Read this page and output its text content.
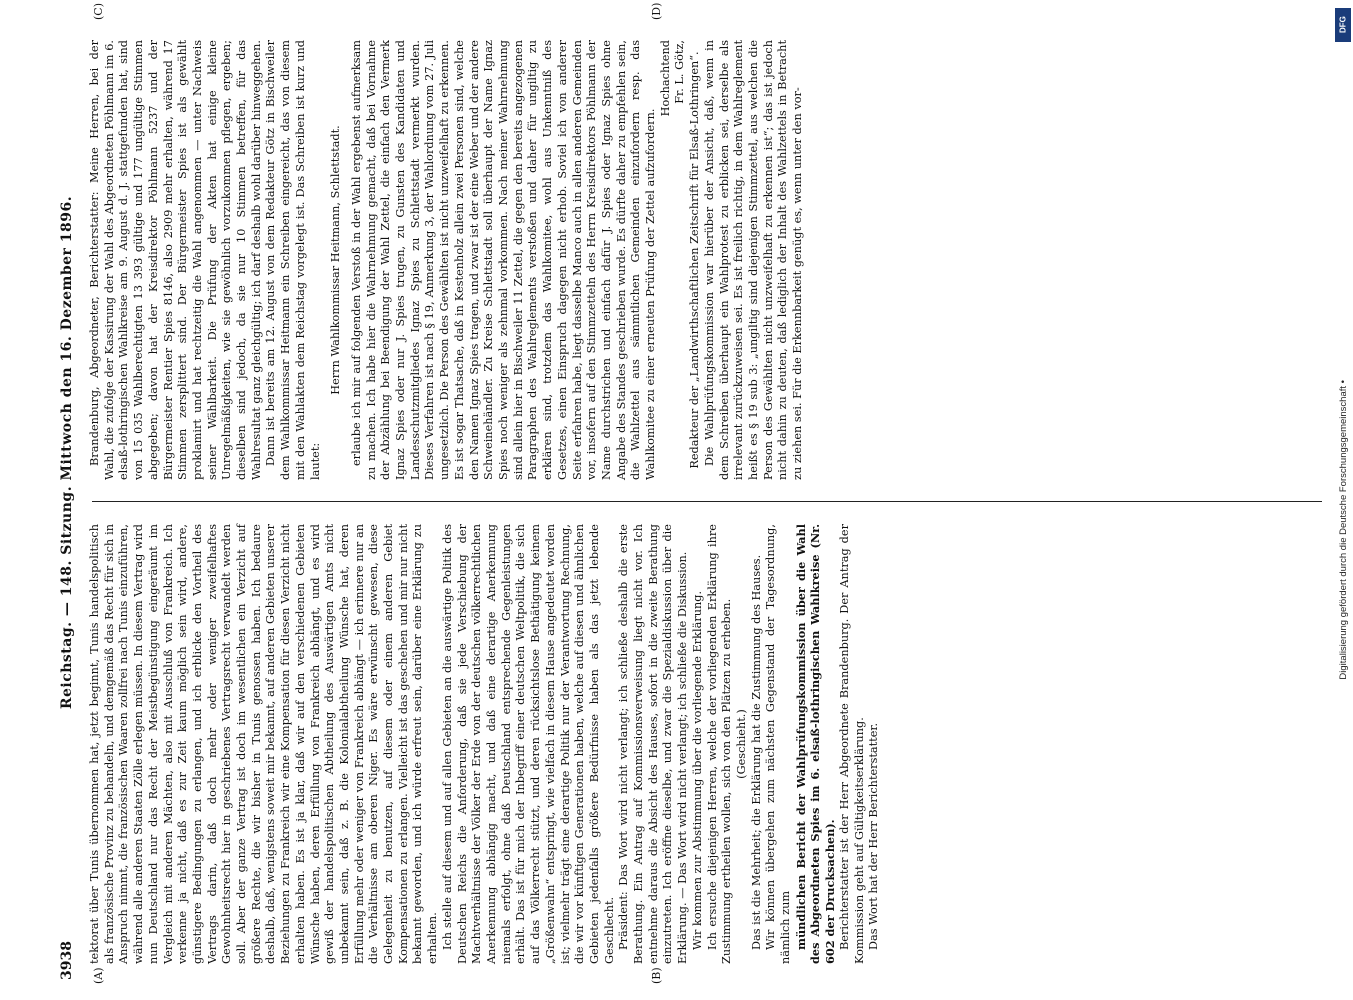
DFG
Digitalisierung gefördert durch die Deutsche Forschungsgemeinschaft •
3938
Reichstag. — 148. Sitzung. Mittwoch den 16. Dezember 1896.
(A)	(B)
(C)	(D)

tektorat über Tunis übernommen hat, jetzt beginnt, Tunis handelspolitisch als französische Provinz zu behandeln, und demgemäß das Recht für sich in Anspruch nimmt, die französischen Waaren zollfrei nach Tunis einzuführen, während alle anderen Staaten Zölle erlegen müssen. In diesem Vertrag wird nun Deutschland nur das Recht der Meistbegünstigung eingeräumt im Vergleich mit anderen Mächten, also mit Ausschluß von Frankreich. Ich verkenne ja nicht, daß es zur Zeit kaum möglich sein wird, andere, günstigere Bedingungen zu erlangen, und ich erblicke den Vortheil des Vertrags darin, daß doch mehr oder weniger zweifelhaftes Gewohnheitsrecht hier in geschriebenes Vertragsrecht verwandelt werden soll. Aber der ganze Vertrag ist doch im wesentlichen ein Verzicht auf größere Rechte, die wir bisher in Tunis genossen haben. Ich bedaure deshalb, daß, wenigstens soweit mir bekannt, auf anderen Gebieten unserer Beziehungen zu Frankreich wir eine Kompensation für diesen Verzicht nicht erhalten haben. Es ist ja klar, daß wir auf den verschiedenen Gebieten Wünsche haben, deren Erfüllung von Frankreich abhängt, und es wird gewiß der handelspolitischen Abtheilung des Auswärtigen Amts nicht unbekannt sein, daß z. B. die Kolonialabtheilung Wünsche hat, deren Erfüllung mehr oder weniger von Frankreich abhängt — ich erinnere nur an die Verhältnisse am oberen Niger. Es wäre erwünscht gewesen, diese Gelegenheit zu benutzen, auf diesem oder einem anderen Gebiet Kompensationen zu erlangen. Vielleicht ist das geschehen und mir nur nicht bekannt geworden, und ich würde erfreut sein, darüber eine Erklärung zu erhalten. Ich stelle auf diesem und auf allen Gebieten an die auswärtige Politik des Deutschen Reichs die Anforderung, daß sie jede Verschiebung der Machtverhältnisse der Völker der Erde von der deutschen völkerrechtlichen Anerkennung abhängig macht, und daß eine derartige Anerkennung niemals erfolgt, ohne daß Deutschland entsprechende Gegenleistungen erhält. Das ist für mich der Inbegriff einer deutschen Weltpolitik, die sich auf das Völkerrecht stützt, und deren rücksichtslose Bethätigung keinem „Größenwahn“ entspringt, wie vielfach in diesem Hause angedeutet worden ist; vielmehr trägt eine derartige Politik nur der Verantwortung Rechnung, die wir vor künftigen Generationen haben, welche auf diesen und ähnlichen Gebieten jedenfalls größere Bedürfnisse haben als das jetzt lebende Geschlecht. Präsident: Das Wort wird nicht verlangt; ich schließe deshalb die erste Berathung. Ein Antrag auf Kommissionsverweisung liegt nicht vor. Ich entnehme daraus die Absicht des Hauses, sofort in die zweite Berathung einzutreten. Ich eröffne dieselbe, und zwar die Spezialdiskussion über die Erklärung. — Das Wort wird nicht verlangt; ich schließe die Diskussion. Wir kommen zur Abstimmung über die vorliegende Erklärung. Ich ersuche diejenigen Herren, welche der vorliegenden Erklärung ihre Zustimmung ertheilen wollen, sich von den Plätzen zu erheben. (Geschieht.) Das ist die Mehrheit; die Erklärung hat die Zustimmung des Hauses. Wir können übergehen zum nächsten Gegenstand der Tagesordnung, nämlich zum mündlichen Bericht der Wahlprüfungskommission über die Wahl des Abgeordneten Spies im 6. elsaß-lothringischen Wahlkreise (Nr. 602 der Drucksachen). Berichterstatter ist der Herr Abgeordnete Brandenburg. Der Antrag der Kommission geht auf Gültigkeitserklärung. Das Wort hat der Herr Berichterstatter.

Brandenburg, Abgeordneter, Berichterstatter: Meine Herren, bei der Wahl, die zufolge der Kassirung der Wahl des Abgeordneten Pöhlmann im 6. elsaß-lothringischen Wahlkreise am 9. August d. J. stattgefunden hat, sind von 15 035 Wahlberechtigten 13 393 gültige und 177 ungültige Stimmen abgegeben; davon hat der Kreisdirektor Pöhlmann 5237 und der Bürgermeister Rentier Spies 8146, also 2909 mehr erhalten, während 17 Stimmen zersplittert sind. Der Bürgermeister Spies ist als gewählt proklamirt und hat rechtzeitig die Wahl angenommen — unter Nachweis seiner Wählbarkeit. Die Prüfung der Akten hat einige kleine Unregelmäßigkeiten, wie sie gewöhnlich vorzukommen pflegen, ergeben; dieselben sind jedoch, da sie nur 10 Stimmen betreffen, für das Wahlresultat ganz gleichgültig; ich darf deshalb wohl darüber hinweggehen. Dann ist bereits am 12. August von dem Redakteur Götz in Bischweiler dem Wahlkommissar Heitmann ein Schreiben eingereicht, das von diesem mit den Wahlakten dem Reichstag vorgelegt ist. Das Schreiben ist kurz und lautet:

Herrn Wahlkommissar Heitmann, Schlettstadt. erlaube ich mir auf folgenden Verstoß in der Wahl ergebenst aufmerksam zu machen. Ich habe hier die Wahrnehmung gemacht, daß bei Vornahme der Abzählung bei Beendigung der Wahl Zettel, die einfach den Vermerk Ignaz Spies oder nur J. Spies trugen, zu Gunsten des Kandidaten und Landesschutzmitgliedes Ignaz Spies zu Schlettstadt vermerkt wurden. Dieses Verfahren ist nach § 19, Anmerkung 3, der Wahlordnung vom 27. Juli ungesetzlich. Die Person des Gewählten ist nicht unzweifelhaft zu erkennen. Es ist sogar Thatsache, daß in Kestenholz allein zwei Personen sind, welche den Namen Ignaz Spies tragen, und zwar ist der eine Weber und der andere Schweinehändler. Zu Kreise Schlettstadt soll überhaupt der Name Ignaz Spies noch weniger als zehnmal vorkommen. Nach meiner Wahrnehmung sind allein hier in Bischweiler 11 Zettel, die gegen den bereits angezogenen Paragraphen des Wahlreglements verstoßen und daher für ungiltig zu erklären sind, trotzdem das Wahlkomitee, wohl aus Unkenntniß des Gesetzes, einen Einspruch dagegen nicht erhob. Soviel ich von anderer Seite erfahren habe, liegt dasselbe Manco auch in allen anderen Gemeinden vor, insofern auf den Stimmzetteln des Herrn Kreisdirektors Pöhlmann der Name durchstrichen und einfach dafür J. Spies oder Ignaz Spies ohne Angabe des Standes geschrieben wurde. Es dürfte daher zu empfehlen sein, die Wahlzettel aus sämmtlichen Gemeinden einzufordern resp. das Wahlkomitee zu einer erneuten Prüfung der Zettel aufzufordern.

Hochachtend Fr. L. Götz, Redakteur der „Landwirthschaftlichen Zeitschrift für Elsaß-Lothringen“. Die Wahlprüfungskommission war hierüber der Ansicht, daß, wenn in dem Schreiben überhaupt ein Wahlprotest zu erblicken sei, derselbe als irrelevant zurückzuweisen sei. Es ist freilich richtig, in dem Wahlreglement heißt es § 19 sub 3: „ungiltig sind diejenigen Stimmzettel, aus welchen die Person des Gewählten nicht unzweifelhaft zu erkennen ist“; das ist jedoch nicht dahin zu deuten, daß lediglich der Inhalt des Wahlzettels in Betracht zu ziehen sei. Für die Erkennbarkeit genügt es, wenn unter den vor-
